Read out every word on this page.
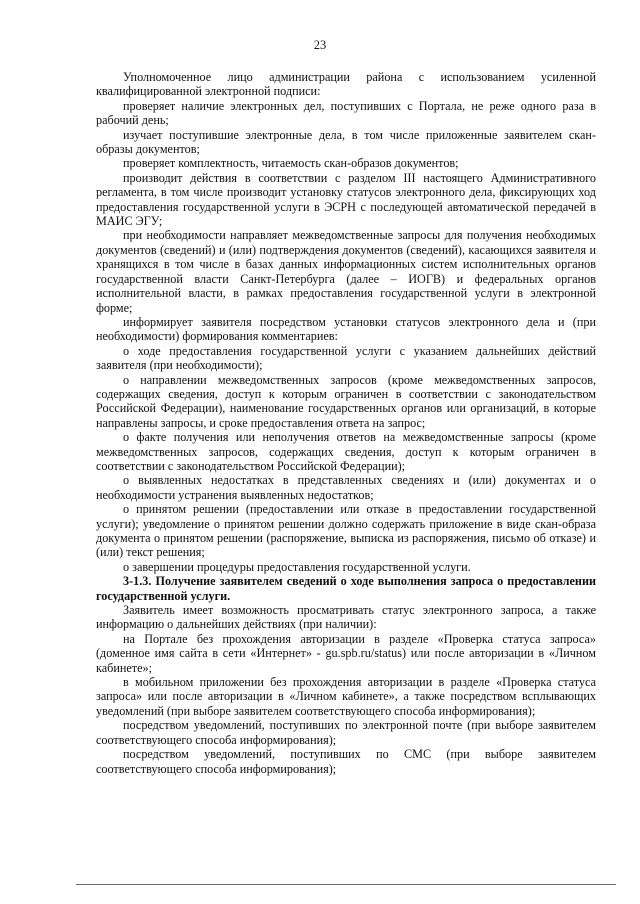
23

Уполномоченное лицо администрации района с использованием усиленной квалифицированной электронной подписи:

проверяет наличие электронных дел, поступивших с Портала, не реже одного раза в рабочий день;

изучает поступившие электронные дела, в том числе приложенные заявителем скан-образы документов;

проверяет комплектность, читаемость скан-образов документов;

производит действия в соответствии с разделом III настоящего Административного регламента, в том числе производит установку статусов электронного дела, фиксирующих ход предоставления государственной услуги в ЭСРН с последующей автоматической передачей в МАИС ЭГУ;

при необходимости направляет межведомственные запросы для получения необходимых документов (сведений) и (или) подтверждения документов (сведений), касающихся заявителя и хранящихся в том числе в базах данных информационных систем исполнительных органов государственной власти Санкт-Петербурга (далее – ИОГВ) и федеральных органов исполнительной власти, в рамках предоставления государственной услуги в электронной форме;

информирует заявителя посредством установки статусов электронного дела и (при необходимости) формирования комментариев:

о ходе предоставления государственной услуги с указанием дальнейших действий заявителя (при необходимости);

о направлении межведомственных запросов (кроме межведомственных запросов, содержащих сведения, доступ к которым ограничен в соответствии с законодательством Российской Федерации), наименование государственных органов или организаций, в которые направлены запросы, и сроке предоставления ответа на запрос;

о факте получения или неполучения ответов на межведомственные запросы (кроме межведомственных запросов, содержащих сведения, доступ к которым ограничен в соответствии с законодательством Российской Федерации);

о выявленных недостатках в представленных сведениях и (или) документах и о необходимости устранения выявленных недостатков;

о принятом решении (предоставлении или отказе в предоставлении государственной услуги); уведомление о принятом решении должно содержать приложение в виде скан-образа документа о принятом решении (распоряжение, выписка из распоряжения, письмо об отказе) и (или) текст решения;

о завершении процедуры предоставления государственной услуги.

3-1.3. Получение заявителем сведений о ходе выполнения запроса о предоставлении государственной услуги.

Заявитель имеет возможность просматривать статус электронного запроса, а также информацию о дальнейших действиях (при наличии):

на Портале без прохождения авторизации в разделе «Проверка статуса запроса» (доменное имя сайта в сети «Интернет» - gu.spb.ru/status) или после авторизации в «Личном кабинете»;

в мобильном приложении без прохождения авторизации в разделе «Проверка статуса запроса» или после авторизации в «Личном кабинете», а также посредством всплывающих уведомлений (при выборе заявителем соответствующего способа информирования);

посредством уведомлений, поступивших по электронной почте (при выборе заявителем соответствующего способа информирования);

посредством уведомлений, поступивших по СМС (при выборе заявителем соответствующего способа информирования);
